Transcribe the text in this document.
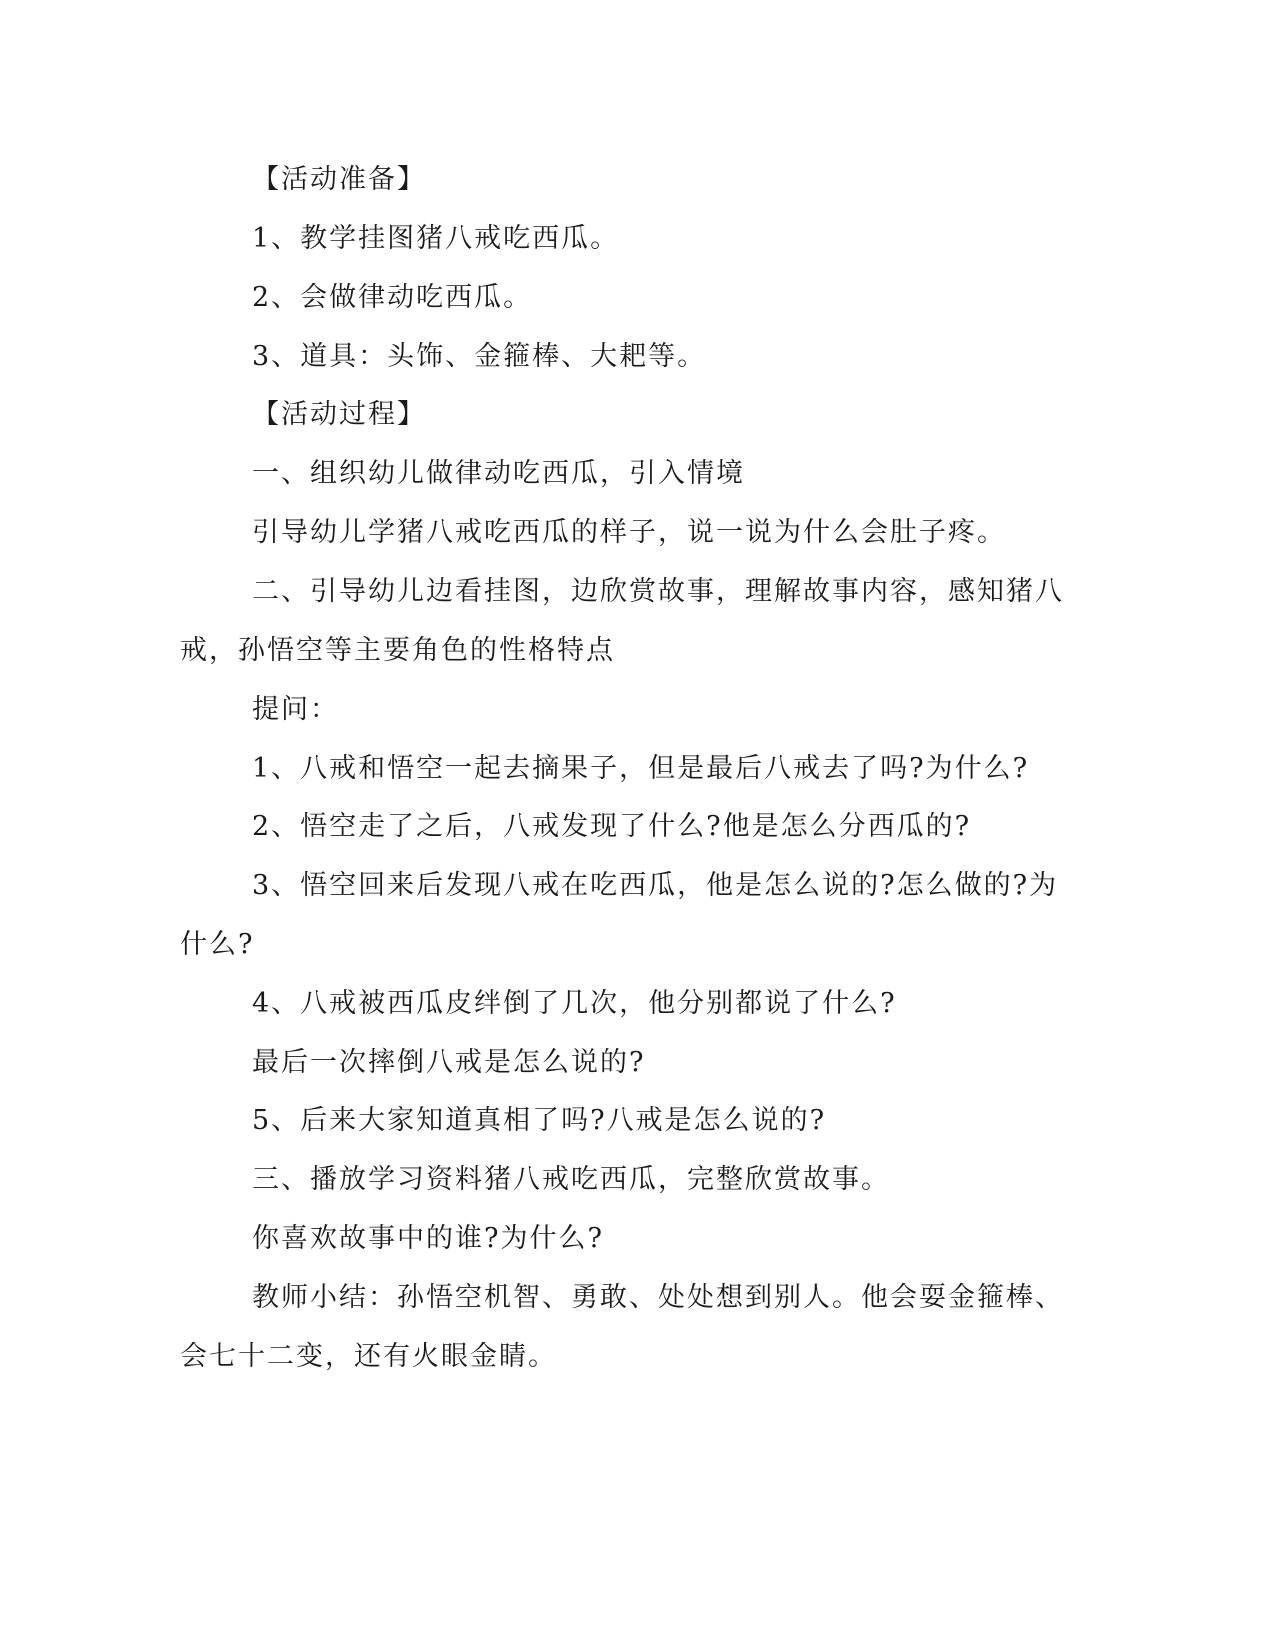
【活动准备】
1、教学挂图猪八戒吃西瓜。
2、会做律动吃西瓜。
3、道具：头饰、金箍棒、大耙等。
【活动过程】
一、组织幼儿做律动吃西瓜，引入情境
引导幼儿学猪八戒吃西瓜的样子，说一说为什么会肚子疼。
二、引导幼儿边看挂图，边欣赏故事，理解故事内容，感知猪八
戒，孙悟空等主要角色的性格特点
提问：
1、八戒和悟空一起去摘果子，但是最后八戒去了吗?为什么?
2、悟空走了之后，八戒发现了什么?他是怎么分西瓜的?
3、悟空回来后发现八戒在吃西瓜，他是怎么说的?怎么做的?为
什么?
4、八戒被西瓜皮绊倒了几次，他分别都说了什么?
最后一次摔倒八戒是怎么说的?
5、后来大家知道真相了吗?八戒是怎么说的?
三、播放学习资料猪八戒吃西瓜，完整欣赏故事。
你喜欢故事中的谁?为什么?
教师小结：孙悟空机智、勇敢、处处想到别人。他会耍金箍棒、
会七十二变，还有火眼金睛。
